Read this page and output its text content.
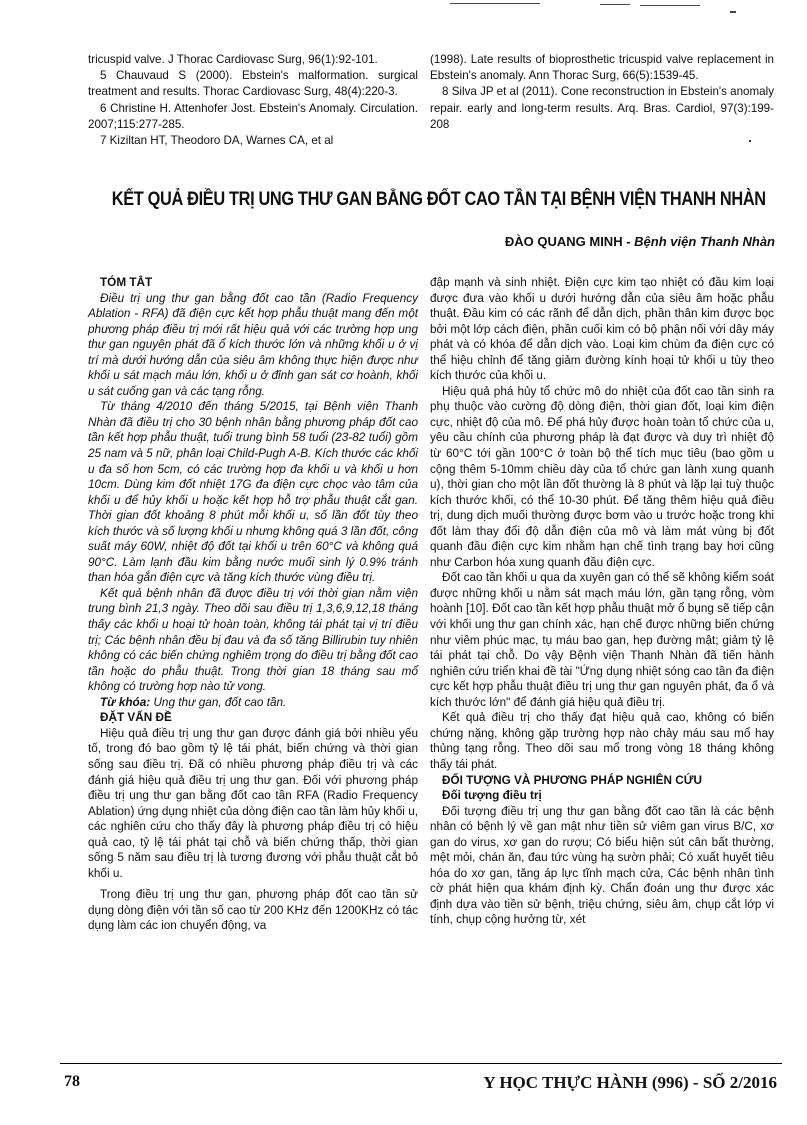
tricuspid valve. J Thorac Cardiovasc Surg, 96(1):92-101.

5 Chauvaud S (2000). Ebstein's malformation. surgical treatment and results. Thorac Cardiovasc Surg, 48(4):220-3.

6 Christine H. Attenhofer Jost. Ebstein's Anomaly. Circulation. 2007;115:277-285.

7 Kiziltan HT, Theodoro DA, Warnes CA, et al

(1998). Late results of bioprosthetic tricuspid valve replacement in Ebstein's anomaly. Ann Thorac Surg, 66(5):1539-45.

8 Silva JP et al (2011). Cone reconstruction in Ebstein's anomaly repair. early and long-term results. Arq. Bras. Cardiol, 97(3):199-208

KẾT QUẢ ĐIỀU TRỊ UNG THƯ GAN BẰNG ĐỐT CAO TẦN TẠI BỆNH VIỆN THANH NHÀN
ĐÀO QUANG MINH - Bệnh viện Thanh Nhàn

TÓM TẮT

Điều trị ung thư gan bằng đốt cao tần (Radio Frequency Ablation - RFA) đã điện cực kết hợp phẫu thuật mang đến một phương pháp điều trị mới rất hiệu quả với các trường hợp ung thư gan nguyên phát đã ổ kích thước lớn và những khối u ở vị trí mà dưới hướng dẫn của siêu âm không thực hiện được như khối u sát mạch máu lớn, khối u ở đỉnh gan sát cơ hoành, khối u sát cuống gan và các tạng rỗng.

Từ tháng 4/2010 đến tháng 5/2015, tại Bệnh viện Thanh Nhàn đã điều trị cho 30 bệnh nhân bằng phương pháp đốt cao tần kết hợp phẫu thuật, tuổi trung bình 58 tuổi (23-82 tuổi) gồm 25 nam và 5 nữ, phân loại Child-Pugh A-B. Kích thước các khối u đa số hơn 5cm, có các trường hợp đa khối u và khối u hơn 10cm. Dùng kim đốt nhiệt 17G đa điện cực chọc vào tâm của khối u để hủy khối u hoặc kết hợp hỗ trợ phẫu thuật cắt gan. Thời gian đốt khoảng 8 phút mỗi khối u, số lần đốt tùy theo kích thước và số lượng khối u nhưng không quá 3 lần đốt, công suất máy 60W, nhiệt độ đốt tại khối u trên 60°C và không quá 90°C. Làm lạnh đầu kim bằng nước muối sinh lý 0.9% tránh than hóa gắn điện cực và tăng kích thước vùng điều trị.

Kết quả bệnh nhân đã được điều trị với thời gian nằm viện trung bình 21,3 ngày. Theo dõi sau điều trị 1,3,6,9,12,18 tháng thấy các khối u hoại tử hoàn toàn, không tái phát tại vị trí điều trị; Các bệnh nhân đều bị đau và đa số tăng Billirubin tuy nhiên không có các biến chứng nghiêm trọng do điều trị bằng đốt cao tần hoặc do phẫu thuật. Trong thời gian 18 tháng sau mổ không có trường hợp nào tử vong.

Từ khóa: Ung thư gan, đốt cao tần.

ĐẶT VẤN ĐỀ

Hiệu quả điều trị ung thư gan được đánh giá bởi nhiều yếu tố, trong đó bao gồm tỷ lệ tái phát, biến chứng và thời gian sống sau điều trị. Đã có nhiều phương pháp điều trị và các đánh giá hiệu quả điều trị ung thư gan. Đối với phương pháp điều trị ung thư gan bằng đốt cao tần RFA (Radio Frequency Ablation) ứng dụng nhiệt của dòng điện cao tần làm hủy khối u, các nghiên cứu cho thấy đây là phương pháp điều trị có hiệu quả cao, tỷ lệ tái phát tại chỗ và biến chứng thấp, thời gian sống 5 năm sau điều trị là tương đương với phẫu thuật cắt bỏ khối u.

Trong điều trị ung thư gan, phương pháp đốt cao tần sử dụng dòng điện với tần số cao từ 200 KHz đến 1200KHz có tác dụng làm các ion chuyển động, va

đập mạnh và sinh nhiệt. Điện cực kim tạo nhiệt có đầu kim loại được đưa vào khối u dưới hướng dẫn của siêu âm hoặc phẫu thuật. Đầu kim có các rãnh để dẫn dịch, phần thân kim được bọc bởi một lớp cách điện, phần cuối kim có bộ phận nối với dây máy phát và có khóa để dẫn dịch vào. Loại kim chùm đa điện cực có thể hiệu chỉnh để tăng giảm đường kính hoại tử khối u tùy theo kích thước của khối u.

Hiệu quả phá hủy tổ chức mô do nhiệt của đốt cao tần sinh ra phụ thuộc vào cường độ dòng điện, thời gian đốt, loại kim điện cực, nhiệt độ của mô. Để phá hủy được hoàn toàn tổ chức của u, yêu cầu chính của phương pháp là đạt được và duy trì nhiệt độ từ 60°C tới gần 100°C ở toàn bộ thể tích mục tiêu (bao gồm u cộng thêm 5-10mm chiều dày của tổ chức gan lành xung quanh u), thời gian cho một lần đốt thường là 8 phút và lặp lại tuỳ thuộc kích thước khối, có thể 10-30 phút. Để tăng thêm hiệu quả điều trị, dung dịch muối thường được bơm vào u trước hoặc trong khi đốt làm thay đổi độ dẫn điện của mô và làm mát vùng bị đốt quanh đầu điện cực kim nhằm hạn chế tình trạng bay hơi cũng như Carbon hóa xung quanh đầu điện cực.

Đốt cao tần khối u qua da xuyên gan có thể sẽ không kiểm soát được những khối u nằm sát mạch máu lớn, gần tạng rỗng, vòm hoành [10]. Đốt cao tần kết hợp phẫu thuật mở ổ bụng sẽ tiếp cận với khối ung thư gan chính xác, hạn chế được những biến chứng như viêm phúc mạc, tụ máu bao gan, hẹp đường mật; giảm tỷ lệ tái phát tại chỗ. Do vậy Bệnh viện Thanh Nhàn đã tiến hành nghiên cứu triển khai đề tài "Ứng dụng nhiệt sóng cao tần đa điện cực kết hợp phẫu thuật điều trị ung thư gan nguyên phát, đa ổ và kích thước lớn" để đánh giá hiệu quả điều trị.

Kết quả điều trị cho thấy đạt hiệu quả cao, không có biến chứng nặng, không gặp trường hợp nào chảy máu sau mổ hay thủng tạng rỗng. Theo dõi sau mổ trong vòng 18 tháng không thấy tái phát.

ĐỐI TƯỢNG VÀ PHƯƠNG PHÁP NGHIÊN CỨU

Đối tượng điều trị

Đối tượng điều trị ung thư gan bằng đốt cao tần là các bệnh nhân có bệnh lý về gan mật như tiền sử viêm gan virus B/C, xơ gan do virus, xơ gan do rượu; Có biểu hiện sút cân bất thường, mệt mỏi, chán ăn, đau tức vùng hạ sườn phải; Có xuất huyết tiêu hóa do xơ gan, tăng áp lực tĩnh mạch cửa, Các bệnh nhân tình cờ phát hiện qua khám định kỳ. Chẩn đoán ung thư được xác định dựa vào tiền sử bệnh, triệu chứng, siêu âm, chụp cắt lớp vi tính, chụp cộng hưởng từ, xét

78	Y HỌC THỰC HÀNH (996) - SỐ 2/2016
